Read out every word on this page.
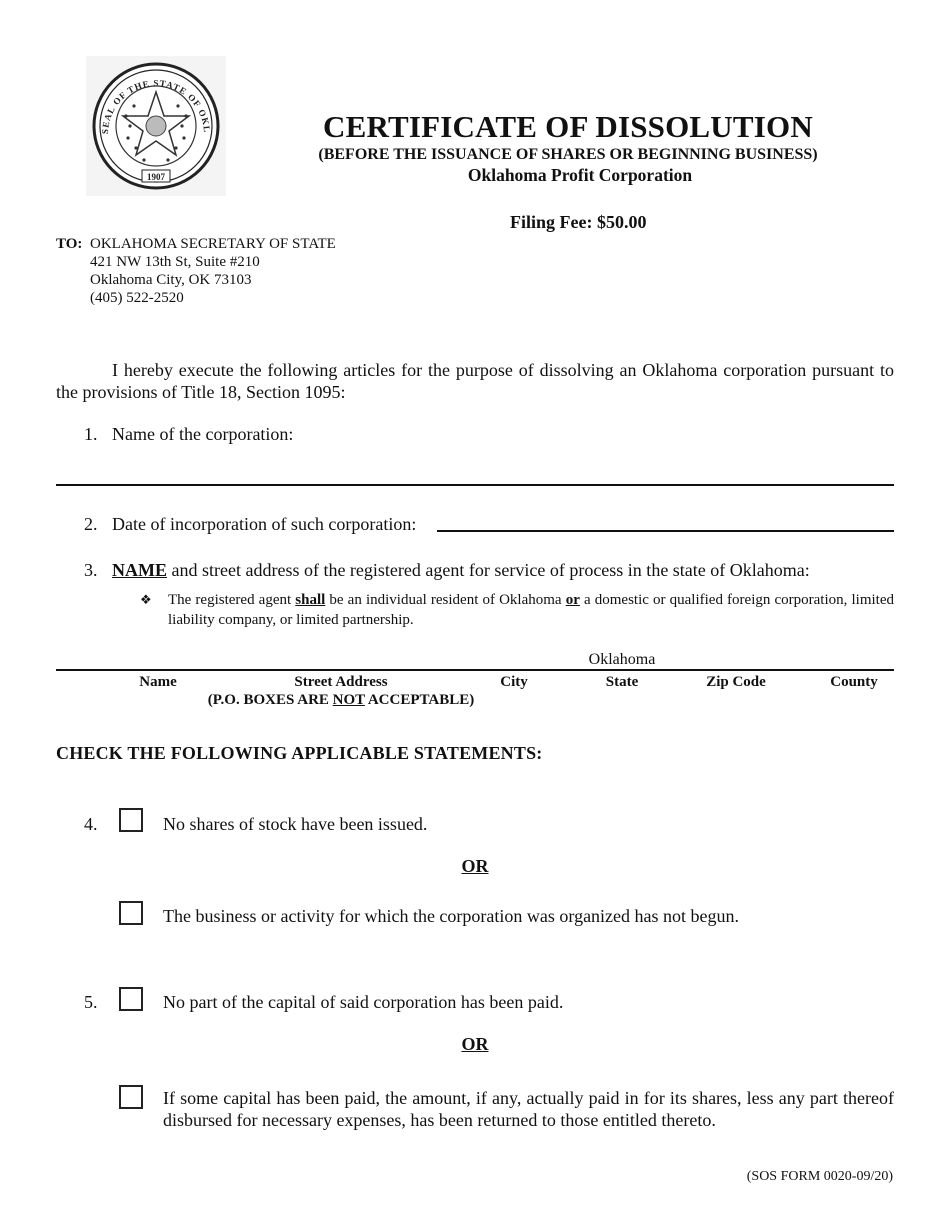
SEAL OF THE STATE OF OKL
1907
CERTIFICATE OF DISSOLUTION
(BEFORE THE ISSUANCE OF SHARES OR BEGINNING BUSINESS)
Oklahoma Profit Corporation
Filing Fee: $50.00
TO: OKLAHOMA SECRETARY OF STATE
421 NW 13th St, Suite #210
Oklahoma City, OK 73103
(405) 522-2520
I hereby execute the following articles for the purpose of dissolving an Oklahoma corporation pursuant to the provisions of Title 18, Section 1095:
1. Name of the corporation:
2. Date of incorporation of such corporation:
3. NAME and street address of the registered agent for service of process in the state of Oklahoma:
❖ The registered agent shall be an individual resident of Oklahoma or a domestic or qualified foreign corporation, limited liability company, or limited partnership.
Oklahoma
Name	Street Address
(P.O. BOXES ARE NOT ACCEPTABLE)
City	State	Zip Code	County
CHECK THE FOLLOWING APPLICABLE STATEMENTS:
4.	No shares of stock have been issued.
OR
The business or activity for which the corporation was organized has not begun.
5.	No part of the capital of said corporation has been paid.
OR
If some capital has been paid, the amount, if any, actually paid in for its shares, less any part thereof disbursed for necessary expenses, has been returned to those entitled thereto.
(SOS FORM 0020-09/20)
